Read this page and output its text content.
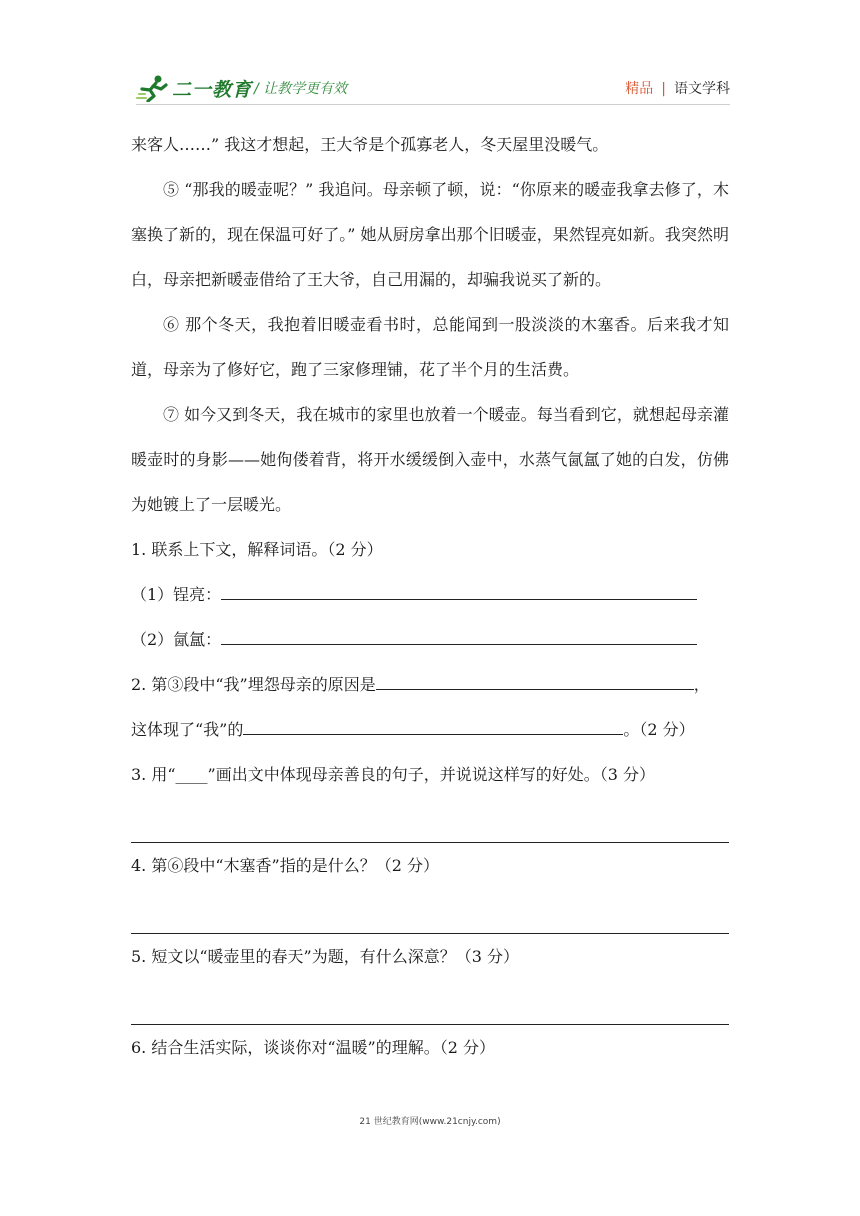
二一教育 / 让教学更有效	精品 | 语文学科

来客人……” 我这才想起，王大爷是个孤寡老人，冬天屋里没暖气。

⑤ “那我的暖壶呢？” 我追问。母亲顿了顿，说：“你原来的暖壶我拿去修了，木塞换了新的，现在保温可好了。” 她从厨房拿出那个旧暖壶，果然锃亮如新。我突然明白，母亲把新暖壶借给了王大爷，自己用漏的，却骗我说买了新的。

⑥ 那个冬天，我抱着旧暖壶看书时，总能闻到一股淡淡的木塞香。后来我才知道，母亲为了修好它，跑了三家修理铺，花了半个月的生活费。

⑦ 如今又到冬天，我在城市的家里也放着一个暖壶。每当看到它，就想起母亲灌暖壶时的身影——她佝偻着背，将开水缓缓倒入壶中，水蒸气氤氲了她的白发，仿佛为她镀上了一层暖光。

1. 联系上下文，解释词语。（2 分）
（1）锃亮：
（2）氤氲：
2. 第③段中“我”埋怨母亲的原因是	，
这体现了“我”的	。（2 分）
3. 用“____”画出文中体现母亲善良的句子，并说说这样写的好处。（3 分）
4. 第⑥段中“木塞香”指的是什么？（2 分）
5. 短文以“暖壶里的春天”为题，有什么深意？（3 分）
6. 结合生活实际，谈谈你对“温暖”的理解。（2 分）
21 世纪教育网(www.21cnjy.com)
